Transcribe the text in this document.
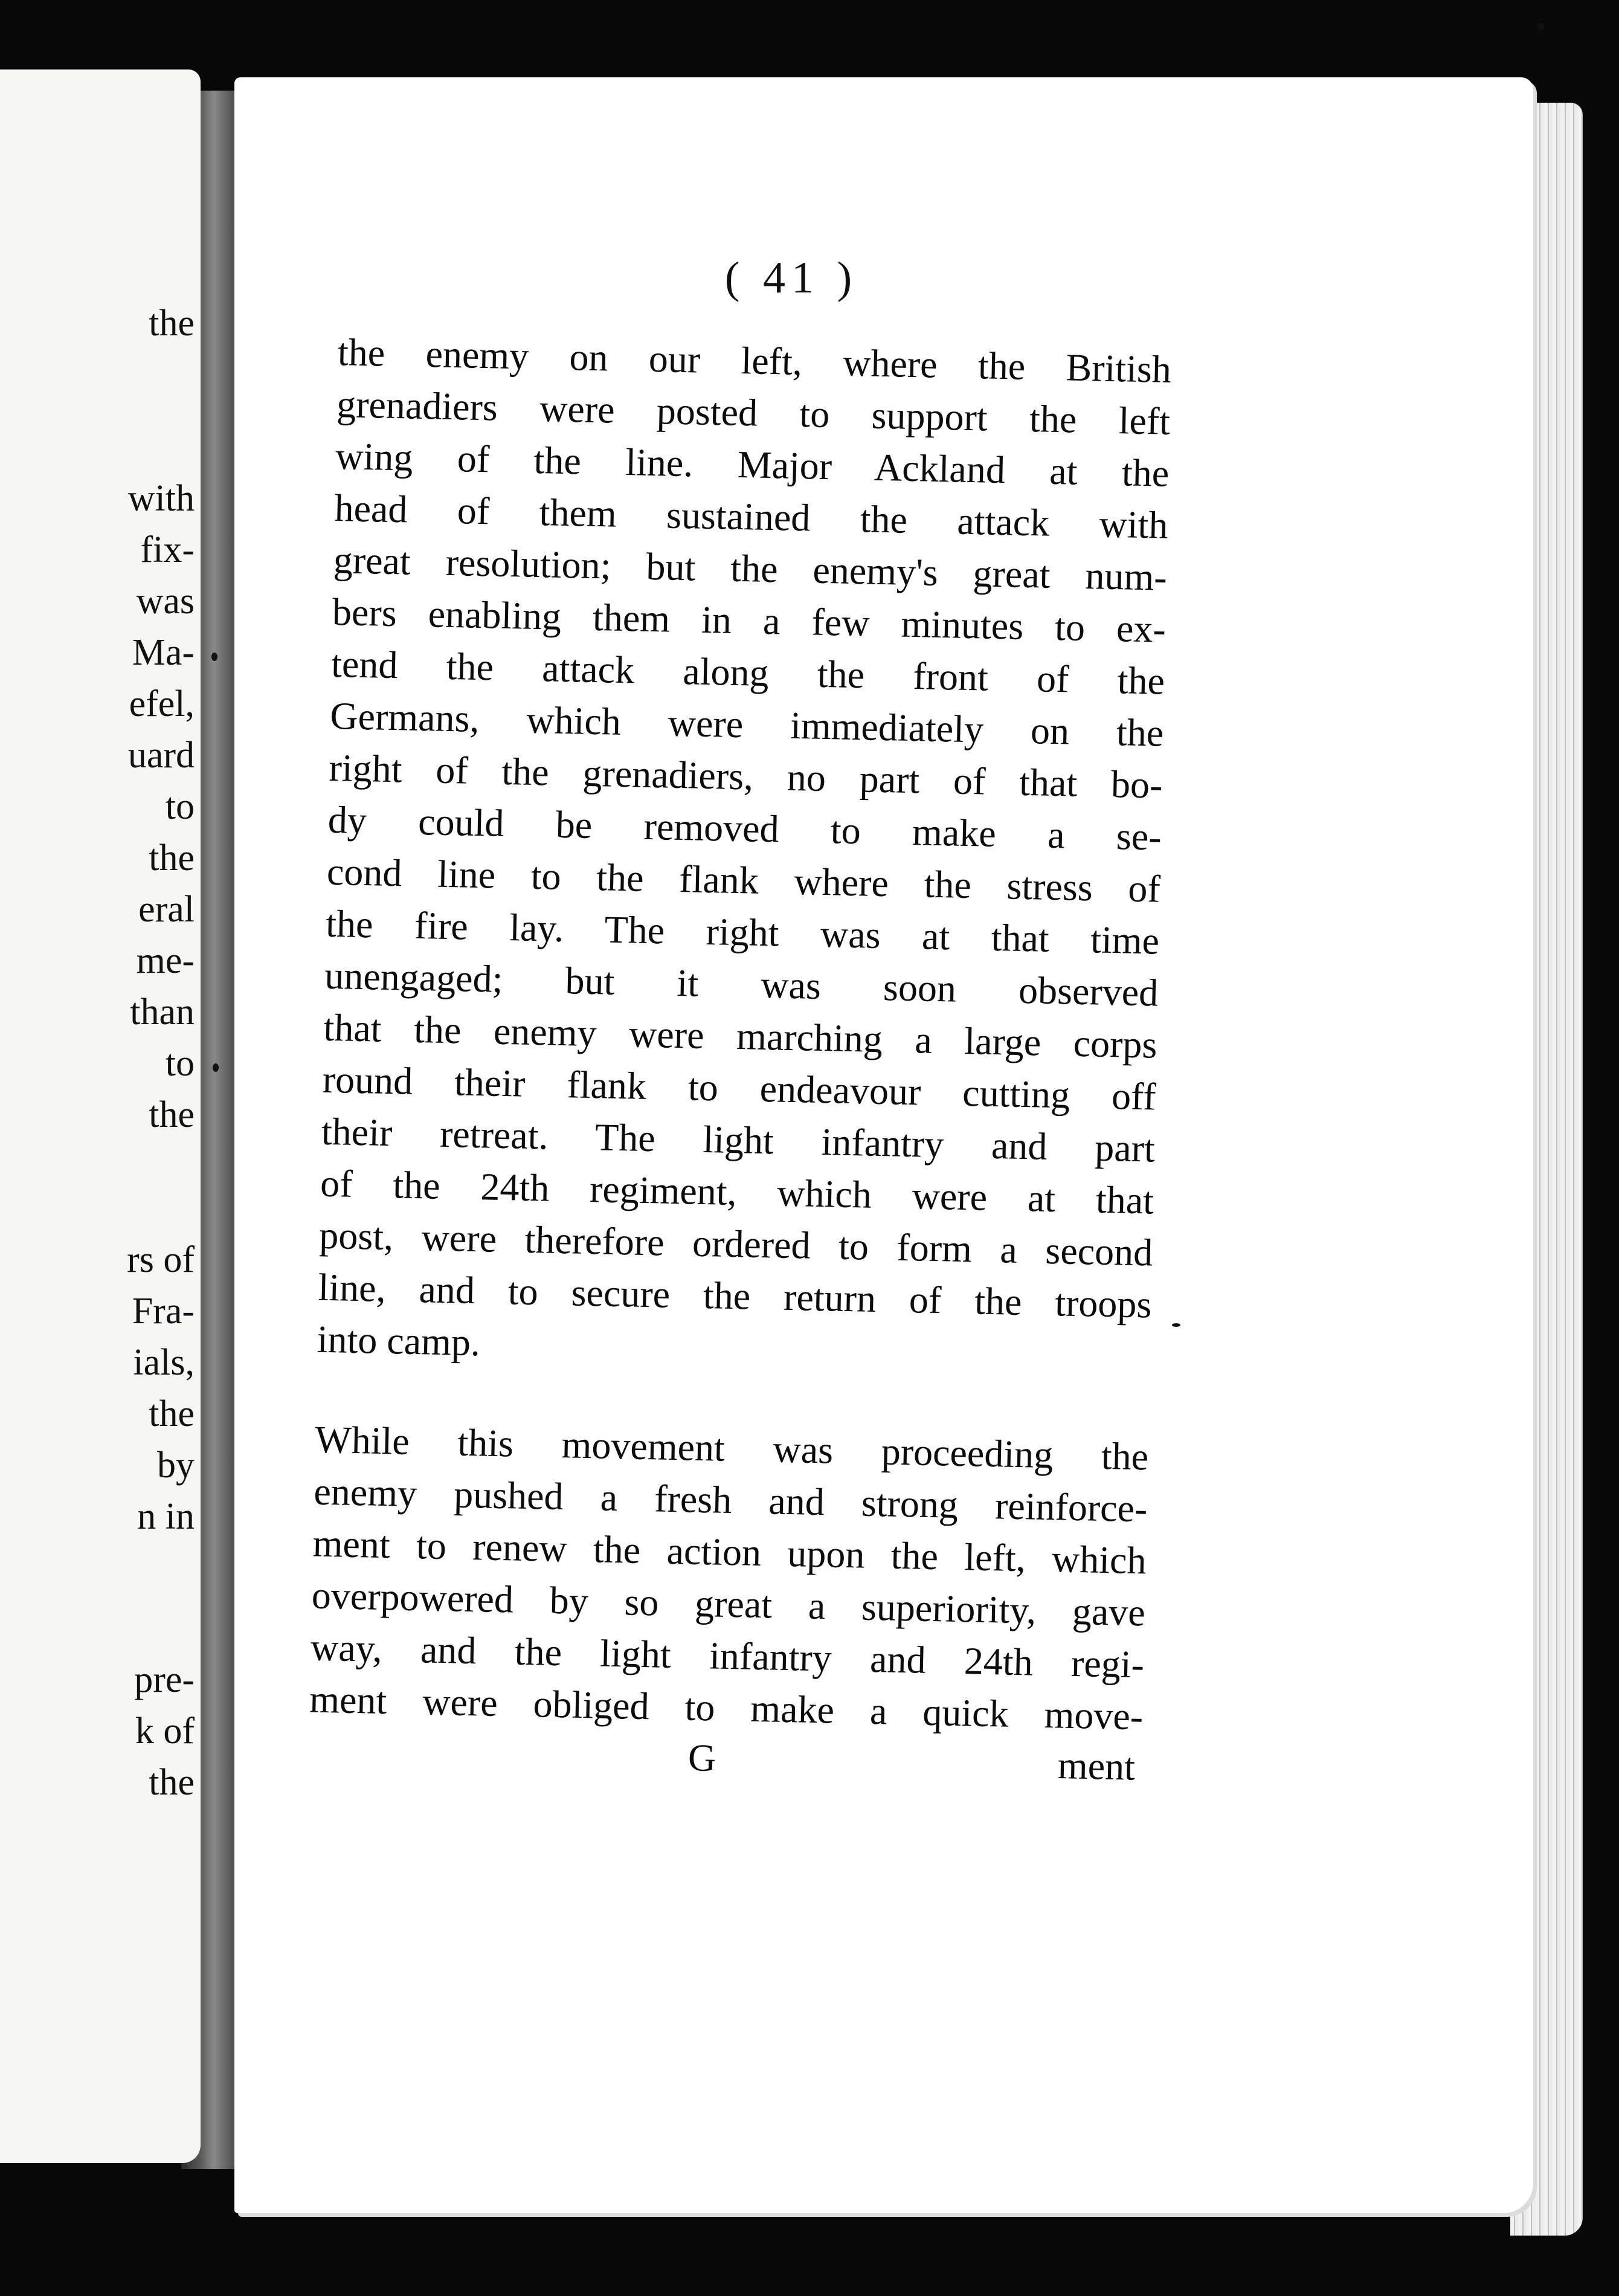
the
with
fix-
was
Ma-
efel,
uard
to
the
eral
me-
than
to
the
rs of
Fra-
ials,
the
by
n in
pre-
k of
the
( 41 )
the enemy on our left, where the British
grenadiers were posted to support the left
wing of the line. Major Ackland at the
head of them sustained the attack with
great resolution; but the enemy's great num-
bers enabling them in a few minutes to ex-
tend the attack along the front of the
Germans, which were immediately on the
right of the grenadiers, no part of that bo-
dy could be removed to make a se-
cond line to the flank where the stress of
the fire lay. The right was at that time
unengaged; but it was soon observed
that the enemy were marching a large corps
round their flank to endeavour cutting off
their retreat. The light infantry and part
of the 24th regiment, which were at that
post, were therefore ordered to form a second
line, and to secure the return of the troops
into camp.
While this movement was proceeding the
enemy pushed a fresh and strong reinforce-
ment to renew the action upon the left, which
overpowered by so great a superiority, gave
way, and the light infantry and 24th regi-
ment were obliged to make a quick move-
G	ment
